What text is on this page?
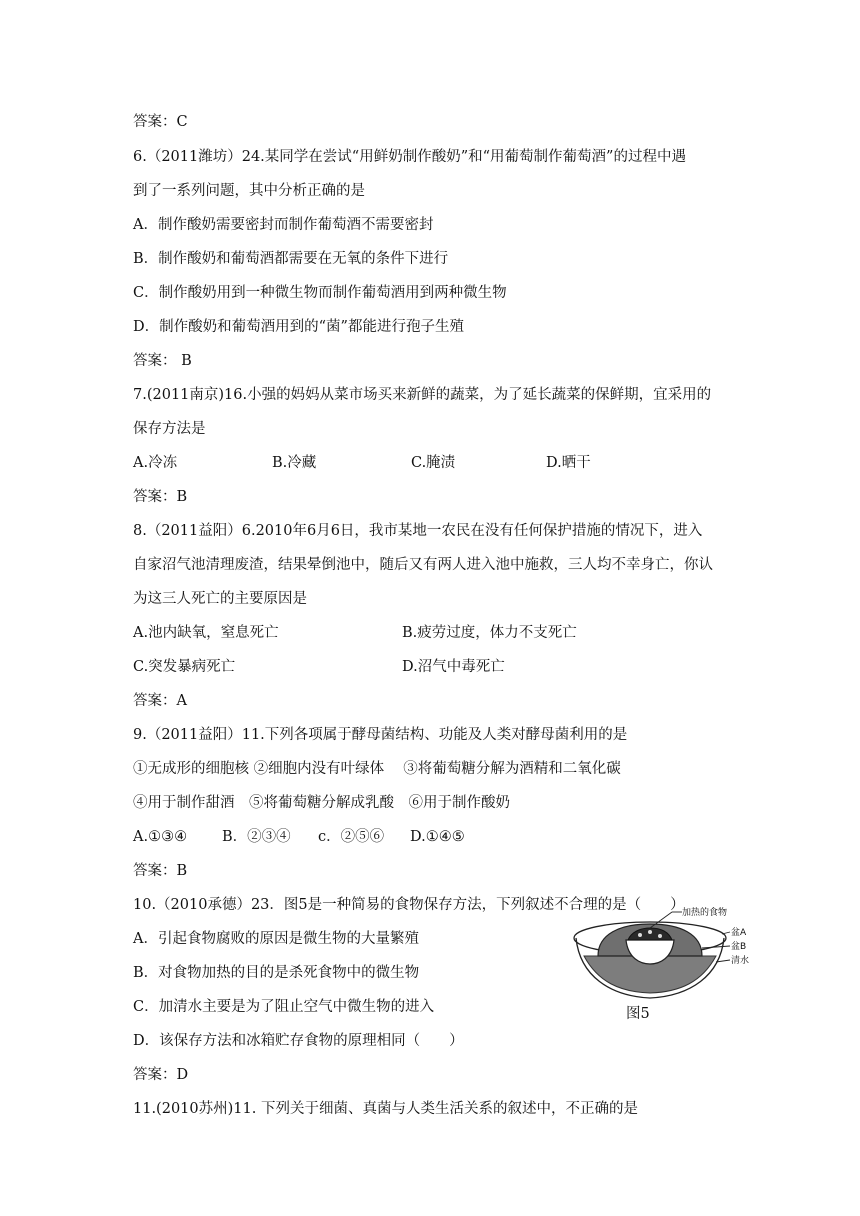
答案：C
6.（2011潍坊）24.某同学在尝试“用鲜奶制作酸奶”和“用葡萄制作葡萄酒”的过程中遇
到了一系列问题，其中分析正确的是
A．制作酸奶需要密封而制作葡萄酒不需要密封
B．制作酸奶和葡萄酒都需要在无氧的条件下进行
C．制作酸奶用到一种微生物而制作葡萄酒用到两种微生物
D．制作酸奶和葡萄酒用到的“菌”都能进行孢子生殖
答案： B
7.(2011南京)16.小强的妈妈从菜市场买来新鲜的蔬菜，为了延长蔬菜的保鲜期，宜采用的
保存方法是
A.冷冻	B.冷藏	C.腌渍	D.晒干
答案：B
8.（2011益阳）6.2010年6月6日，我市某地一农民在没有任何保护措施的情况下，进入
自家沼气池清理废渣，结果晕倒池中，随后又有两人进入池中施救，三人均不幸身亡，你认
为这三人死亡的主要原因是
A.池内缺氧，窒息死亡	B.疲劳过度，体力不支死亡
C.突发暴病死亡	D.沼气中毒死亡
答案：A
9.（2011益阳）11.下列各项属于酵母菌结构、功能及人类对酵母菌利用的是
①无成形的细胞核 ②细胞内没有叶绿体　 ③将葡萄糖分解为酒精和二氧化碳
④用于制作甜酒　⑤将葡萄糖分解成乳酸　⑥用于制作酸奶
A.①③④ B．②③④ c．②⑤⑥ D.①④⑤
答案：B
10.（2010承德）23．图5是一种简易的食物保存方法，下列叙述不合理的是（　　）
A．引起食物腐败的原因是微生物的大量繁殖
B．对食物加热的目的是杀死食物中的微生物
C．加清水主要是为了阻止空气中微生物的进入
D．该保存方法和冰箱贮存食物的原理相同（　　）
答案：D
11.(2010苏州)11. 下列关于细菌、真菌与人类生活关系的叙述中，不正确的是
加热的食物
盆A
盆B
清水
图5
